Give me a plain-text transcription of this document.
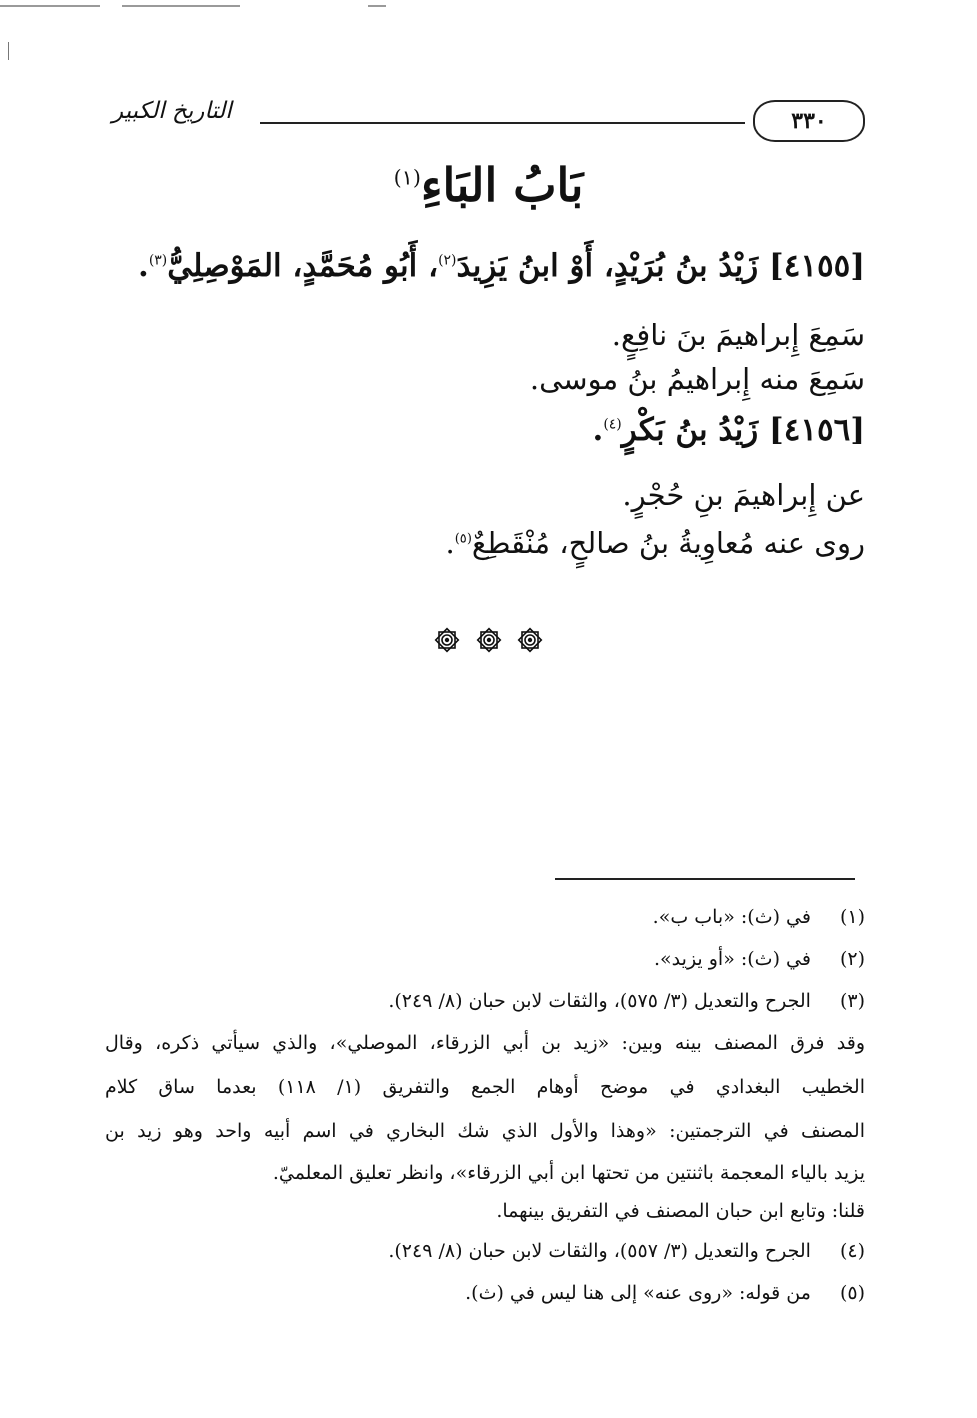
التاريخ الكبير	٣٣٠
بَابُ البَاءِ$^{(١)}$
[٤١٥٥] زَيْدُ بنُ بُرَيْدٍ، أَوْ ابنُ يَزِيدَ$^{(٢)}$، أَبُو مُحَمَّدٍ، المَوْصِلِيُّ$^{(٣)}$.
سَمِعَ إِبراهيمَ بنَ نافِعٍ.
سَمِعَ منه إِبراهيمُ بنُ موسى.
[٤١٥٦] زَيْدُ بنُ بَكْرٍ$^{(٤)}$.
عن إِبراهيمَ بنِ حُجْرٍ.
روى عنه مُعاوِيةُ بنُ صالحٍ، مُنْقَطِعٌ$^{(٥)}$.

(١) في (ث): «باب ب».
(٢) في (ث): «أو يزيد».
(٣) الجرح والتعديل (٣/ ٥٧٥)، والثقات لابن حبان (٨/ ٢٤٩).
وقد فرق المصنف بينه وبين: «زيد بن أبي الزرقاء، الموصلي»، والذي سيأتي ذكره، وقال
الخطيب البغدادي في موضح أوهام الجمع والتفريق (١/ ١١٨) بعدما ساق كلام
المصنف في الترجمتين: «وهذا والأول الذي شك البخاري في اسم أبيه واحد وهو زيد بن
يزيد بالياء المعجمة باثنتين من تحتها ابن أبي الزرقاء»، وانظر تعليق المعلميّ.
قلنا: وتابع ابن حبان المصنف في التفريق بينهما.
(٤) الجرح والتعديل (٣/ ٥٥٧)، والثقات لابن حبان (٨/ ٢٤٩).
(٥) من قوله: «روى عنه» إلى هنا ليس في (ث).
